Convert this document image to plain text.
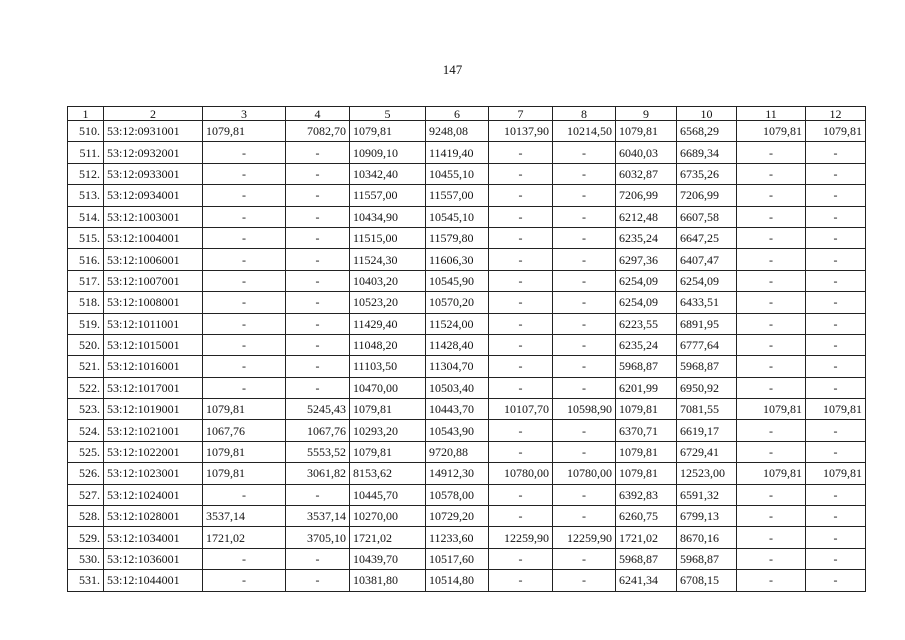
147
1	2	3	4	5	6	7	8	9	10	11	12
510.	53:12:0931001	1079,81	7082,70	1079,81	9248,08	10137,90	10214,50	1079,81	6568,29	1079,81	1079,81
511.	53:12:0932001	-	-	10909,10	11419,40	-	-	6040,03	6689,34	-	-
512.	53:12:0933001	-	-	10342,40	10455,10	-	-	6032,87	6735,26	-	-
513.	53:12:0934001	-	-	11557,00	11557,00	-	-	7206,99	7206,99	-	-
514.	53:12:1003001	-	-	10434,90	10545,10	-	-	6212,48	6607,58	-	-
515.	53:12:1004001	-	-	11515,00	11579,80	-	-	6235,24	6647,25	-	-
516.	53:12:1006001	-	-	11524,30	11606,30	-	-	6297,36	6407,47	-	-
517.	53:12:1007001	-	-	10403,20	10545,90	-	-	6254,09	6254,09	-	-
518.	53:12:1008001	-	-	10523,20	10570,20	-	-	6254,09	6433,51	-	-
519.	53:12:1011001	-	-	11429,40	11524,00	-	-	6223,55	6891,95	-	-
520.	53:12:1015001	-	-	11048,20	11428,40	-	-	6235,24	6777,64	-	-
521.	53:12:1016001	-	-	11103,50	11304,70	-	-	5968,87	5968,87	-	-
522.	53:12:1017001	-	-	10470,00	10503,40	-	-	6201,99	6950,92	-	-
523.	53:12:1019001	1079,81	5245,43	1079,81	10443,70	10107,70	10598,90	1079,81	7081,55	1079,81	1079,81
524.	53:12:1021001	1067,76	1067,76	10293,20	10543,90	-	-	6370,71	6619,17	-	-
525.	53:12:1022001	1079,81	5553,52	1079,81	9720,88	-	-	1079,81	6729,41	-	-
526.	53:12:1023001	1079,81	3061,82	8153,62	14912,30	10780,00	10780,00	1079,81	12523,00	1079,81	1079,81
527.	53:12:1024001	-	-	10445,70	10578,00	-	-	6392,83	6591,32	-	-
528.	53:12:1028001	3537,14	3537,14	10270,00	10729,20	-	-	6260,75	6799,13	-	-
529.	53:12:1034001	1721,02	3705,10	1721,02	11233,60	12259,90	12259,90	1721,02	8670,16	-	-
530.	53:12:1036001	-	-	10439,70	10517,60	-	-	5968,87	5968,87	-	-
531.	53:12:1044001	-	-	10381,80	10514,80	-	-	6241,34	6708,15	-	-
